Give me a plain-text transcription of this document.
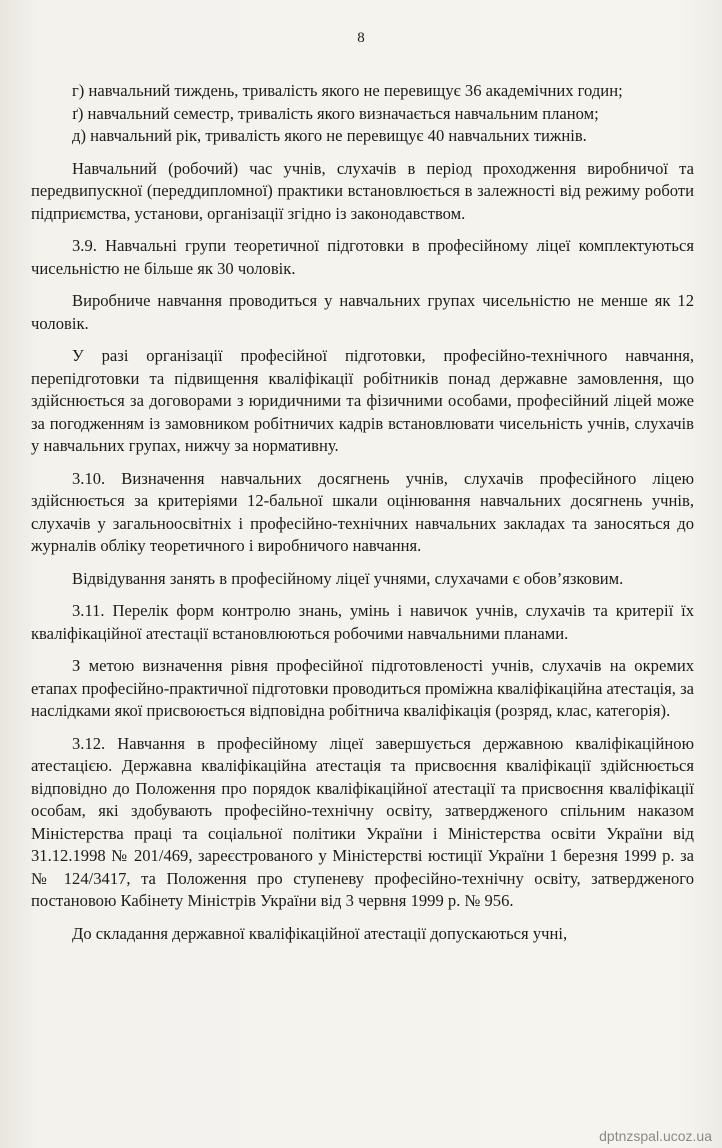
8

г) навчальний тиждень, тривалість якого не перевищує 36 академічних годин;

ґ) навчальний семестр, тривалість якого визначається навчальним планом;

д) навчальний рік, тривалість якого не перевищує 40 навчальних тижнів.

Навчальний (робочий) час учнів, слухачів в період проходження виробничої та передвипускної (переддипломної) практики встановлюється в залежності від режиму роботи підприємства, установи, організації згідно із законодавством.

3.9. Навчальні групи теоретичної підготовки в професійному ліцеї комплектуються чисельністю не більше як 30 чоловік.

Виробниче навчання проводиться у навчальних групах чисельністю не менше як 12 чоловік.

У разі організації професійної підготовки, професійно-технічного навчання, перепідготовки та підвищення кваліфікації робітників понад державне замовлення, що здійснюється за договорами з юридичними та фізичними особами, професійний ліцей може за погодженням із замовником робітничих кадрів встановлювати чисельність учнів, слухачів у навчальних групах, нижчу за нормативну.

3.10. Визначення навчальних досягнень учнів, слухачів професійного ліцею здійснюється за критеріями 12-бальної шкали оцінювання навчальних досягнень учнів, слухачів у загальноосвітніх і професійно-технічних навчальних закладах та заносяться до журналів обліку теоретичного і виробничого навчання.

Відвідування занять в професійному ліцеї учнями, слухачами є обов’язковим.

3.11. Перелік форм контролю знань, умінь і навичок учнів, слухачів та критерії їх кваліфікаційної атестації встановлюються робочими навчальними планами.

З метою визначення рівня професійної підготовленості учнів, слухачів на окремих етапах професійно-практичної підготовки проводиться проміжна кваліфікаційна атестація, за наслідками якої присвоюється відповідна робітнича кваліфікація (розряд, клас, категорія).

3.12. Навчання в професійному ліцеї завершується державною кваліфікаційною атестацією. Державна кваліфікаційна атестація та присвоєння кваліфікації здійснюється відповідно до Положення про порядок кваліфікаційної атестації та присвоєння кваліфікації особам, які здобувають професійно-технічну освіту, затвердженого спільним наказом Міністерства праці та соціальної політики України і Міністерства освіти України від 31.12.1998 № 201/469, зареєстрованого у Міністерстві юстиції України 1 березня 1999 р. за № 124/3417, та Положення про ступеневу професійно-технічну освіту, затвердженого постановою Кабінету Міністрів України від 3 червня 1999 р. № 956.

До складання державної кваліфікаційної атестації допускаються учні,

dptnzspal.ucoz.ua
